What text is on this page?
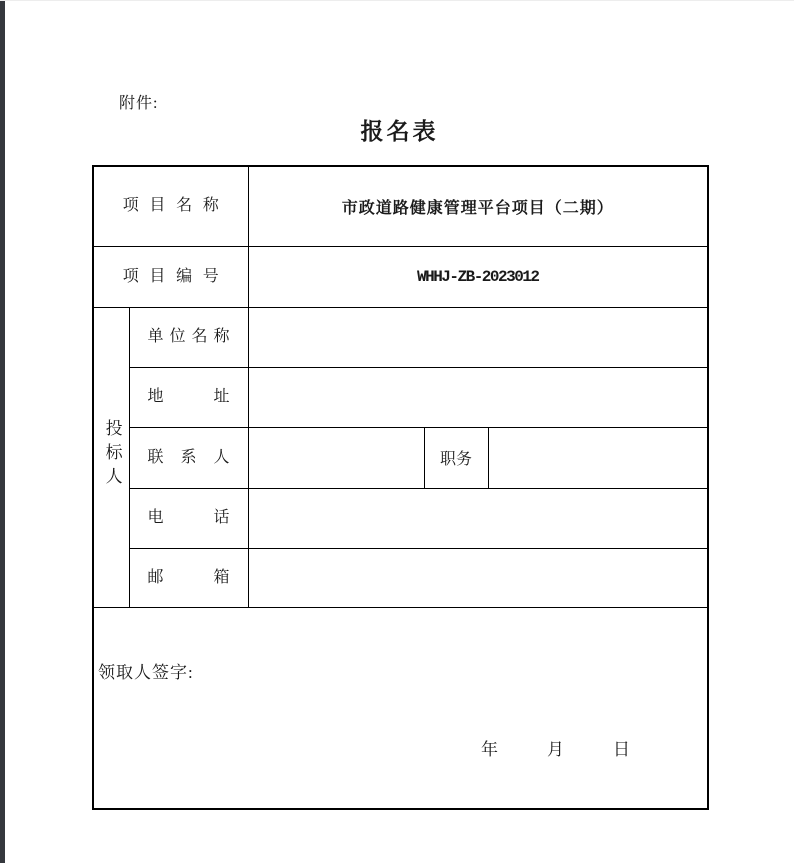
附件:
报名表
项目名称		市政道路健康管理平台项目（二期）		
项目编号		WHHJ-ZB-2023012		
投标人	单位名称			
	地址			
	联系人		职务	
	电话			
	邮箱			

领取人签字:
年 月 日				
